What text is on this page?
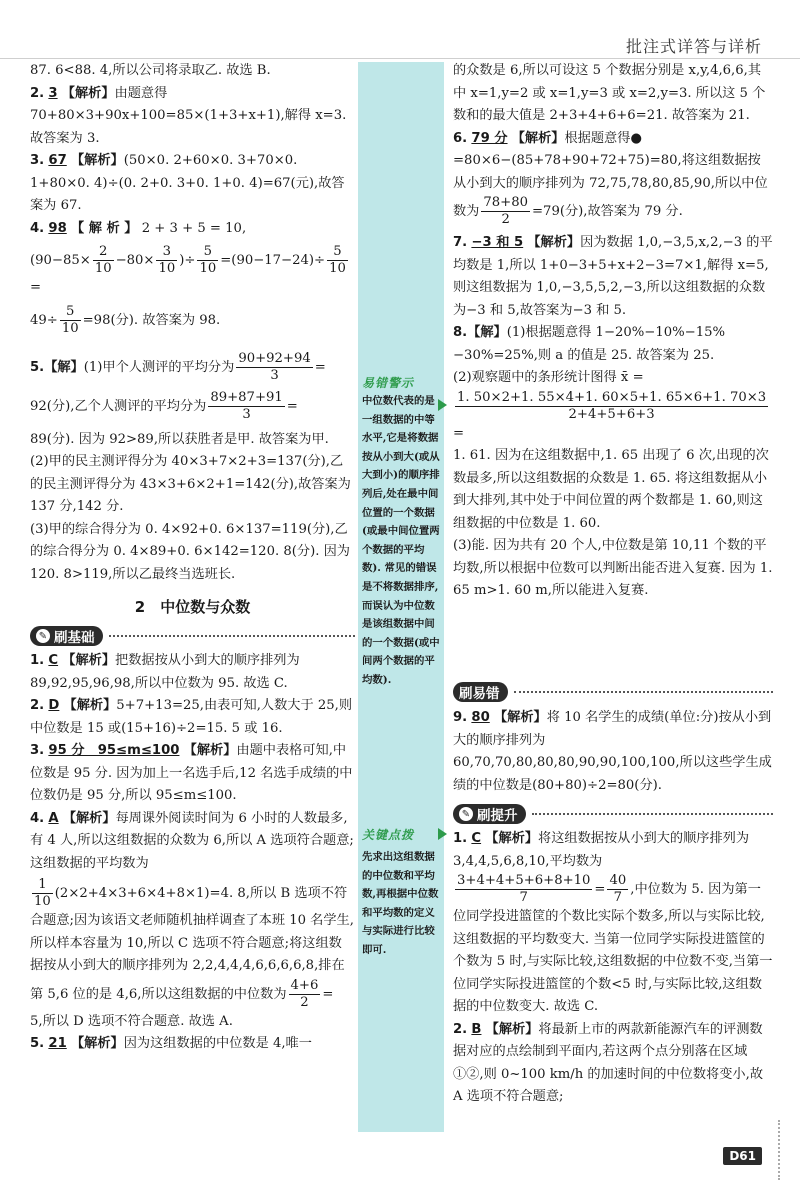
批注式详答与详析
易错警示
中位数代表的是一组数据的中等水平,它是将数据按从小到大(或从大到小)的顺序排列后,处在最中间位置的一个数据(或最中间位置两个数据的平均数). 常见的错误是不将数据排序,而误认为中位数是该组数据中间的一个数据(或中间两个数据的平均数).
关键点拨
先求出这组数据的中位数和平均数,再根据中位数和平均数的定义与实际进行比较即可.

87. 6<88. 4,所以公司将录取乙. 故选 B.

2. 3 【解析】由题意得 70+80×3+90x+100=85×(1+3+x+1),解得 x=3. 故答案为 3.

3. 67 【解析】(50×0. 2+60×0. 3+70×0. 1+80×0. 4)÷(0. 2+0. 3+0. 1+0. 4)=67(元),故答案为 67.

4. 98 【 解 析 】 2 + 3 + 5 = 10,

($90-85\times \frac{2}{10} -80\times \frac{3}{10}$ )÷ $\frac{5}{10} =(90-17-24)\div \frac{5}{10}$
=

$49\div \frac{5}{10} =98$(分). 故答案为 98.

5.【解】(1)甲个人测评的平均分为 $\frac{90+92+94}{3}$ =

92(分),乙个人测评的平均分为 $\frac{89+87+91}{3}$ =

89(分). 因为 92>89,所以获胜者是甲. 故答案为甲.

(2)甲的民主测评得分为 40×3+7×2+3=137(分),乙的民主测评得分为 43×3+6×2+1=142(分),故答案为 137 分,142 分.

(3)甲的综合得分为 0. 4×92+0. 6×137=119(分),乙的综合得分为 0. 4×89+0. 6×142=120. 8(分). 因为 120. 8>119,所以乙最终当选班长.

2　中位数与众数
✎ 刷基础

1. C 【解析】把数据按从小到大的顺序排列为 89,92,95,96,98,所以中位数为 95. 故选 C.

2. D 【解析】5+7+13=25,由表可知,人数大于 25,则中位数是 15 或(15+16)÷2=15. 5 或 16.

3. 95 分　95≤m≤100 【解析】由题中表格可知,中位数是 95 分. 因为加上一名选手后,12 名选手成绩的中位数仍是 95 分,所以 95≤m≤100.

4. A 【解析】每周课外阅读时间为 6 小时的人数最多,有 4 人,所以这组数据的众数为 6,所以 A 选项符合题意;这组数据的平均数为

$\frac{1}{10} (2\times 2+4\times 3+6\times 4+8\times 1)=4$. 8,所以 B 选项不符合题意;因为该语文老师随机抽样调查了本班 10 名学生,所以样本容量为 10,所以 C 选项不符合题意;将这组数据按从小到大的顺序排列为 2,2,4,4,4,6,6,6,6,8,排在第 5,6 位的是 4,6,所以这组数据的中位数为 $\frac{4+6}{2}$ =

5,所以 D 选项不符合题意. 故选 A.

5. 21 【解析】因为这组数据的中位数是 4,唯一

的众数是 6,所以可设这 5 个数据分别是 x,y,4,6,6,其中 x=1,y=2 或 x=1,y=3 或 x=2,y=3. 所以这 5 个数和的最大值是 2+3+4+6+6=21. 故答案为 21.

6. 79 分 【解析】根据题意得● =80×6−(85+78+90+72+75)=80,将这组数据按从小到大的顺序排列为 72,75,78,80,85,90,所以中位数为 $\frac{78+80}{2} =79$(分),故答案为 79 分.

7. −3 和 5 【解析】因为数据 1,0,−3,5,x,2,−3 的平均数是 1,所以 1+0−3+5+x+2−3=7×1,解得 x=5,则这组数据为 1,0,−3,5,5,2,−3,所以这组数据的众数为−3 和 5,故答案为−3 和 5.

8.【解】(1)根据题意得 1−20%−10%−15%−30%=25%,则 a 的值是 25. 故答案为 25.

(2)观察题中的条形统计图得 x̄ =

$\frac{1. 50\times 2+1. 55\times 4+1. 60\times 5+1. 65\times 6+1. 70\times 3}{2+4+5+6+3}$
=

1. 61. 因为在这组数据中,1. 65 出现了 6 次,出现的次数最多,所以这组数据的众数是 1. 65. 将这组数据从小到大排列,其中处于中间位置的两个数都是 1. 60,则这组数据的中位数是 1. 60.

(3)能. 因为共有 20 个人,中位数是第 10,11 个数的平均数,所以根据中位数可以判断出能否进入复赛. 因为 1. 65 m>1. 60 m,所以能进入复赛.

刷易错

9. 80 【解析】将 10 名学生的成绩(单位:分)按从小到大的顺序排列为 60,70,70,80,80,80,90,90,100,100,所以这些学生成绩的中位数是(80+80)÷2=80(分).

✎ 刷提升

1. C 【解析】将这组数据按从小到大的顺序排列为 3,4,4,5,6,8,10,平均数为

$\frac{3+4+4+5+6+8+10}{7} = \frac{40}{7}$ ,中位数为 5. 因为第一位同学投进篮筐的个数比实际个数多,所以与实际比较,这组数据的平均数变大. 当第一位同学实际投进篮筐的个数为 5 时,与实际比较,这组数据的中位数不变,当第一位同学实际投进篮筐的个数<5 时,与实际比较,这组数据的中位数变大. 故选 C.

2. B 【解析】将最新上市的两款新能源汽车的评测数据对应的点绘制到平面内,若这两个点分别落在区域①②,则 0~100 km/h 的加速时间的中位数将变小,故 A 选项不符合题意;

D61
